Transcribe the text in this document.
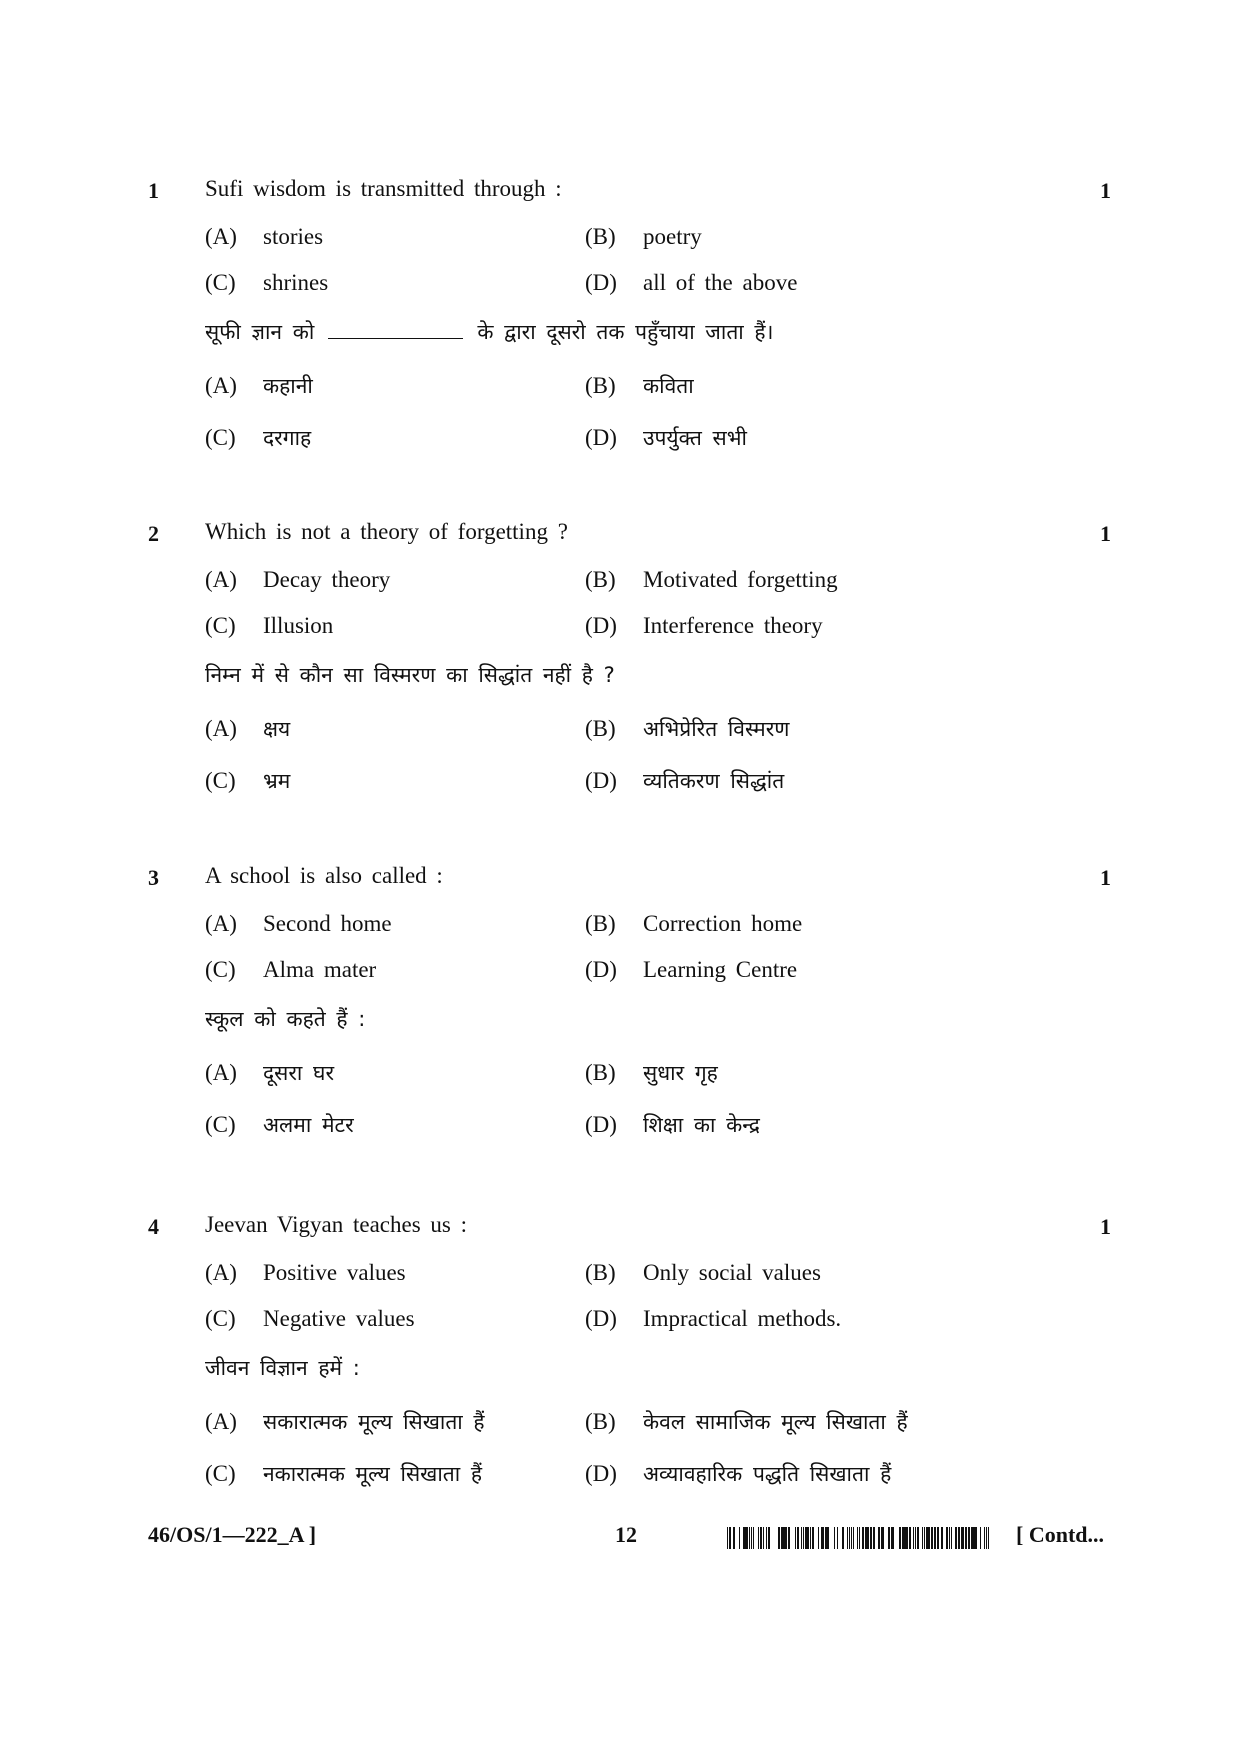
1 Sufi wisdom is transmitted through :	1
(A) stories	(B) poetry
(C) shrines	(D) all of the above
सूफी ज्ञान को	के द्वारा दूसरो तक पहुँचाया जाता हैं।
(A) कहानी	(B) कविता
(C) दरगाह	(D) उपर्युक्त सभी
2 Which is not a theory of forgetting ?	1
(A) Decay theory	(B) Motivated forgetting
(C) Illusion	(D) Interference theory
निम्न में से कौन सा विस्मरण का सिद्धांत नहीं है ?
(A) क्षय	(B) अभिप्रेरित विस्मरण
(C) भ्रम	(D) व्यतिकरण सिद्धांत
3 A school is also called :	1
(A) Second home	(B) Correction home
(C) Alma mater	(D) Learning Centre
स्कूल को कहते हैं :
(A) दूसरा घर	(B) सुधार गृह
(C) अलमा मेटर	(D) शिक्षा का केन्द्र
4 Jeevan Vigyan teaches us :	1
(A) Positive values	(B) Only social values
(C) Negative values	(D) Impractical methods.
जीवन विज्ञान हमें :
(A) सकारात्मक मूल्य सिखाता हैं	(B) केवल सामाजिक मूल्य सिखाता हैं
(C) नकारात्मक मूल्य सिखाता हैं	(D) अव्यावहारिक पद्धति सिखाता हैं
46/OS/1—222_A ]	12	[ Contd...
